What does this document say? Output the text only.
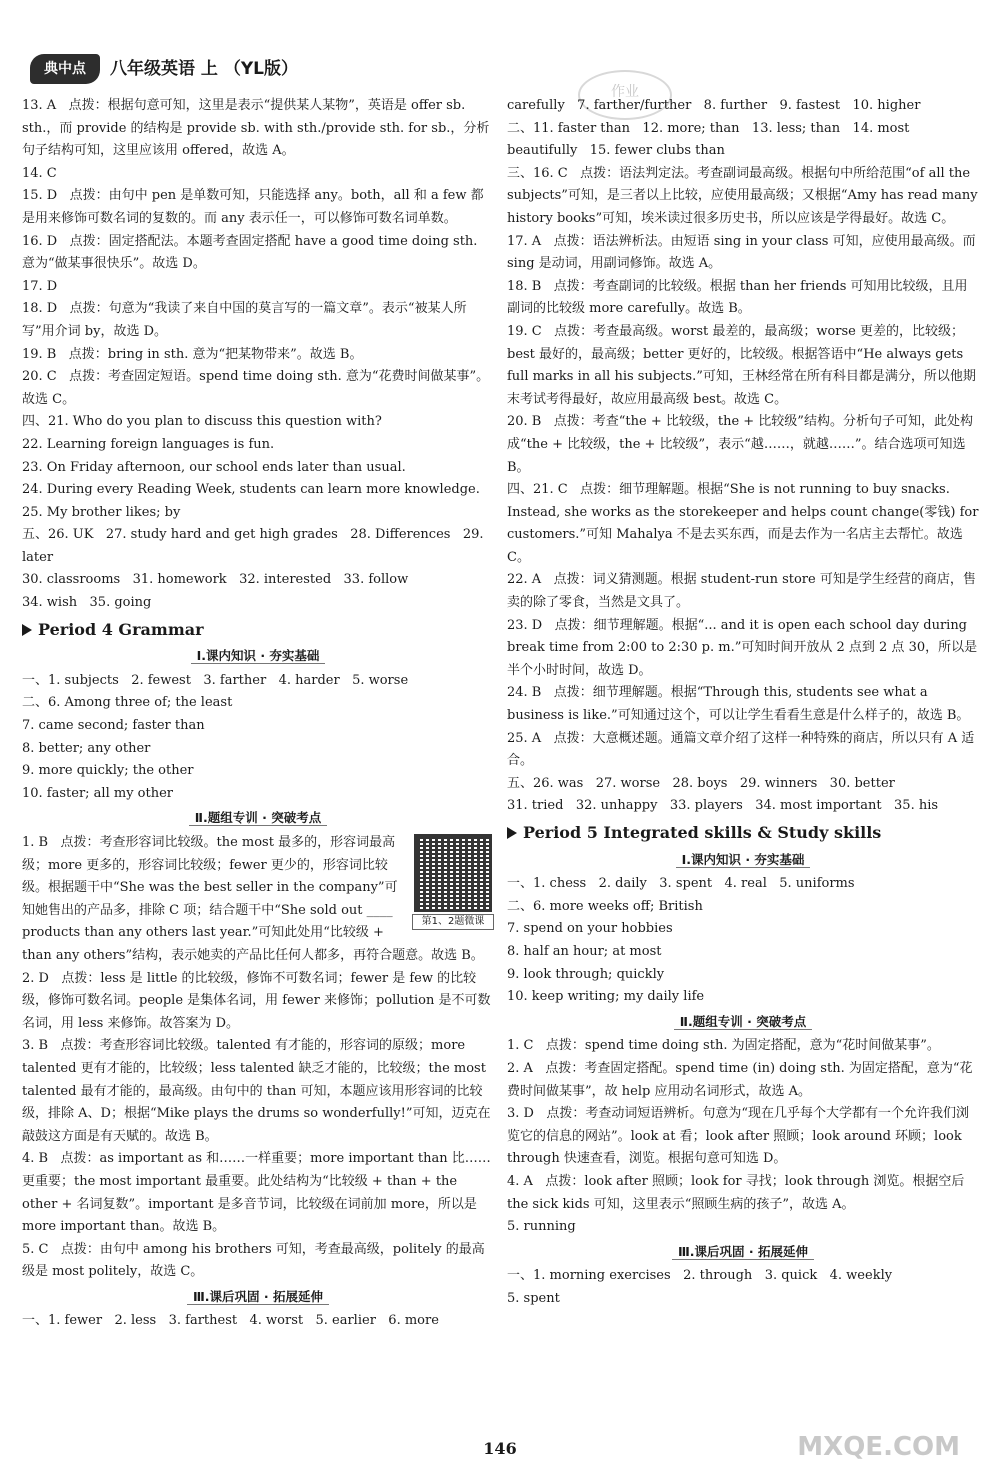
典中点	八年级英语 上 （YL版）
作业
13. A   点拨：根据句意可知，这里是表示“提供某人某物”，英语是 offer sb. sth.，而 provide 的结构是 provide sb. with sth./provide sth. for sb.，分析句子结构可知，这里应该用 offered，故选 A。
14. C
15. D   点拨：由句中 pen 是单数可知，只能选择 any。both，all 和 a few 都是用来修饰可数名词的复数的。而 any 表示任一，可以修饰可数名词单数。
16. D   点拨：固定搭配法。本题考查固定搭配 have a good time doing sth. 意为“做某事很快乐”。故选 D。
17. D
18. D   点拨：句意为“我读了来自中国的莫言写的一篇文章”。表示“被某人所写”用介词 by，故选 D。
19. B   点拨：bring in sth. 意为“把某物带来”。故选 B。
20. C   点拨：考查固定短语。spend time doing sth. 意为“花费时间做某事”。故选 C。
四、21. Who do you plan to discuss this question with?
22. Learning foreign languages is fun.
23. On Friday afternoon, our school ends later than usual.
24. During every Reading Week, students can learn more knowledge.
25. My brother likes; by
五、26. UK   27. study hard and get high grades   28. Differences   29. later
30. classrooms   31. homework   32. interested   33. follow
34. wish   35. going
Period 4 Grammar
Ⅰ.课内知识 · 夯实基础
一、1. subjects   2. fewest   3. farther   4. harder   5. worse
二、6. Among three of; the least
7. came second; faster than
8. better; any other
9. more quickly; the other
10. faster; all my other
Ⅱ.题组专训 · 突破考点
第1、2题微课
1. B   点拨：考查形容词比较级。the most 最多的，形容词最高级；more 更多的，形容词比较级；fewer 更少的，形容词比较级。根据题干中“She was the best seller in the company”可知她售出的产品多，排除 C 项；结合题干中“She sold out ____ products than any others last year.”可知此处用“比较级 + than any others”结构，表示她卖的产品比任何人都多，再符合题意。故选 B。
2. D   点拨：less 是 little 的比较级，修饰不可数名词；fewer 是 few 的比较级，修饰可数名词。people 是集体名词，用 fewer 来修饰；pollution 是不可数名词，用 less 来修饰。故答案为 D。
3. B   点拨：考查形容词比较级。talented 有才能的，形容词的原级；more talented 更有才能的，比较级；less talented 缺乏才能的，比较级；the most talented 最有才能的，最高级。由句中的 than 可知，本题应该用形容词的比较级，排除 A、D；根据“Mike plays the drums so wonderfully!”可知，迈克在敲鼓这方面是有天赋的。故选 B。
4. B   点拨：as important as 和……一样重要；more important than 比……更重要；the most important 最重要。此处结构为“比较级 + than + the other + 名词复数”。important 是多音节词，比较级在词前加 more，所以是 more important than。故选 B。
5. C   点拨：由句中 among his brothers 可知，考查最高级，politely 的最高级是 most politely，故选 C。
Ⅲ.课后巩固 · 拓展延伸
一、1. fewer   2. less   3. farthest   4. worst   5. earlier   6. more
carefully   7. farther/further   8. further   9. fastest   10. higher
二、11. faster than   12. more; than   13. less; than   14. most beautifully   15. fewer clubs than
三、16. C   点拨：语法判定法。考查副词最高级。根据句中所给范围“of all the subjects”可知，是三者以上比较，应使用最高级；又根据“Amy has read many history books”可知，埃米读过很多历史书，所以应该是学得最好。故选 C。
17. A   点拨：语法辨析法。由短语 sing in your class 可知，应使用最高级。而 sing 是动词，用副词修饰。故选 A。
18. B   点拨：考查副词的比较级。根据 than her friends 可知用比较级，且用副词的比较级 more carefully。故选 B。
19. C   点拨：考查最高级。worst 最差的，最高级；worse 更差的，比较级；best 最好的，最高级；better 更好的，比较级。根据答语中“He always gets full marks in all his subjects.”可知，王林经常在所有科目都是满分，所以他期末考试考得最好，故应用最高级 best。故选 C。
20. B   点拨：考查“the + 比较级，the + 比较级”结构。分析句子可知，此处构成“the + 比较级，the + 比较级”，表示“越……，就越……”。结合选项可知选 B。
四、21. C   点拨：细节理解题。根据“She is not running to buy snacks. Instead, she works as the storekeeper and helps count change(零钱) for customers.”可知 Mahalya 不是去买东西，而是去作为一名店主去帮忙。故选 C。
22. A   点拨：词义猜测题。根据 student-run store 可知是学生经营的商店，售卖的除了零食，当然是文具了。
23. D   点拨：细节理解题。根据“... and it is open each school day during break time from 2:00 to 2:30 p. m.”可知时间开放从 2 点到 2 点 30，所以是半个小时时间，故选 D。
24. B   点拨：细节理解题。根据“Through this, students see what a business is like.”可知通过这个，可以让学生看看生意是什么样子的，故选 B。
25. A   点拨：大意概述题。通篇文章介绍了这样一种特殊的商店，所以只有 A 适合。
五、26. was   27. worse   28. boys   29. winners   30. better
31. tried   32. unhappy   33. players   34. most important   35. his
Period 5 Integrated skills & Study skills
Ⅰ.课内知识 · 夯实基础
一、1. chess   2. daily   3. spent   4. real   5. uniforms
二、6. more weeks off; British
7. spend on your hobbies
8. half an hour; at most
9. look through; quickly
10. keep writing; my daily life
Ⅱ.题组专训 · 突破考点
1. C   点拨：spend time doing sth. 为固定搭配，意为“花时间做某事”。
2. A   点拨：考查固定搭配。spend time (in) doing sth. 为固定搭配，意为“花费时间做某事”，故 help 应用动名词形式，故选 A。
3. D   点拨：考查动词短语辨析。句意为“现在几乎每个大学都有一个允许我们浏览它的信息的网站”。look at 看；look after 照顾；look around 环顾；look through 快速查看，浏览。根据句意可知选 D。
4. A   点拨：look after 照顾；look for 寻找；look through 浏览。根据空后 the sick kids 可知，这里表示“照顾生病的孩子”，故选 A。
5. running
Ⅲ.课后巩固 · 拓展延伸
一、1. morning exercises   2. through   3. quick   4. weekly
5. spent
146	MXQE.COM
